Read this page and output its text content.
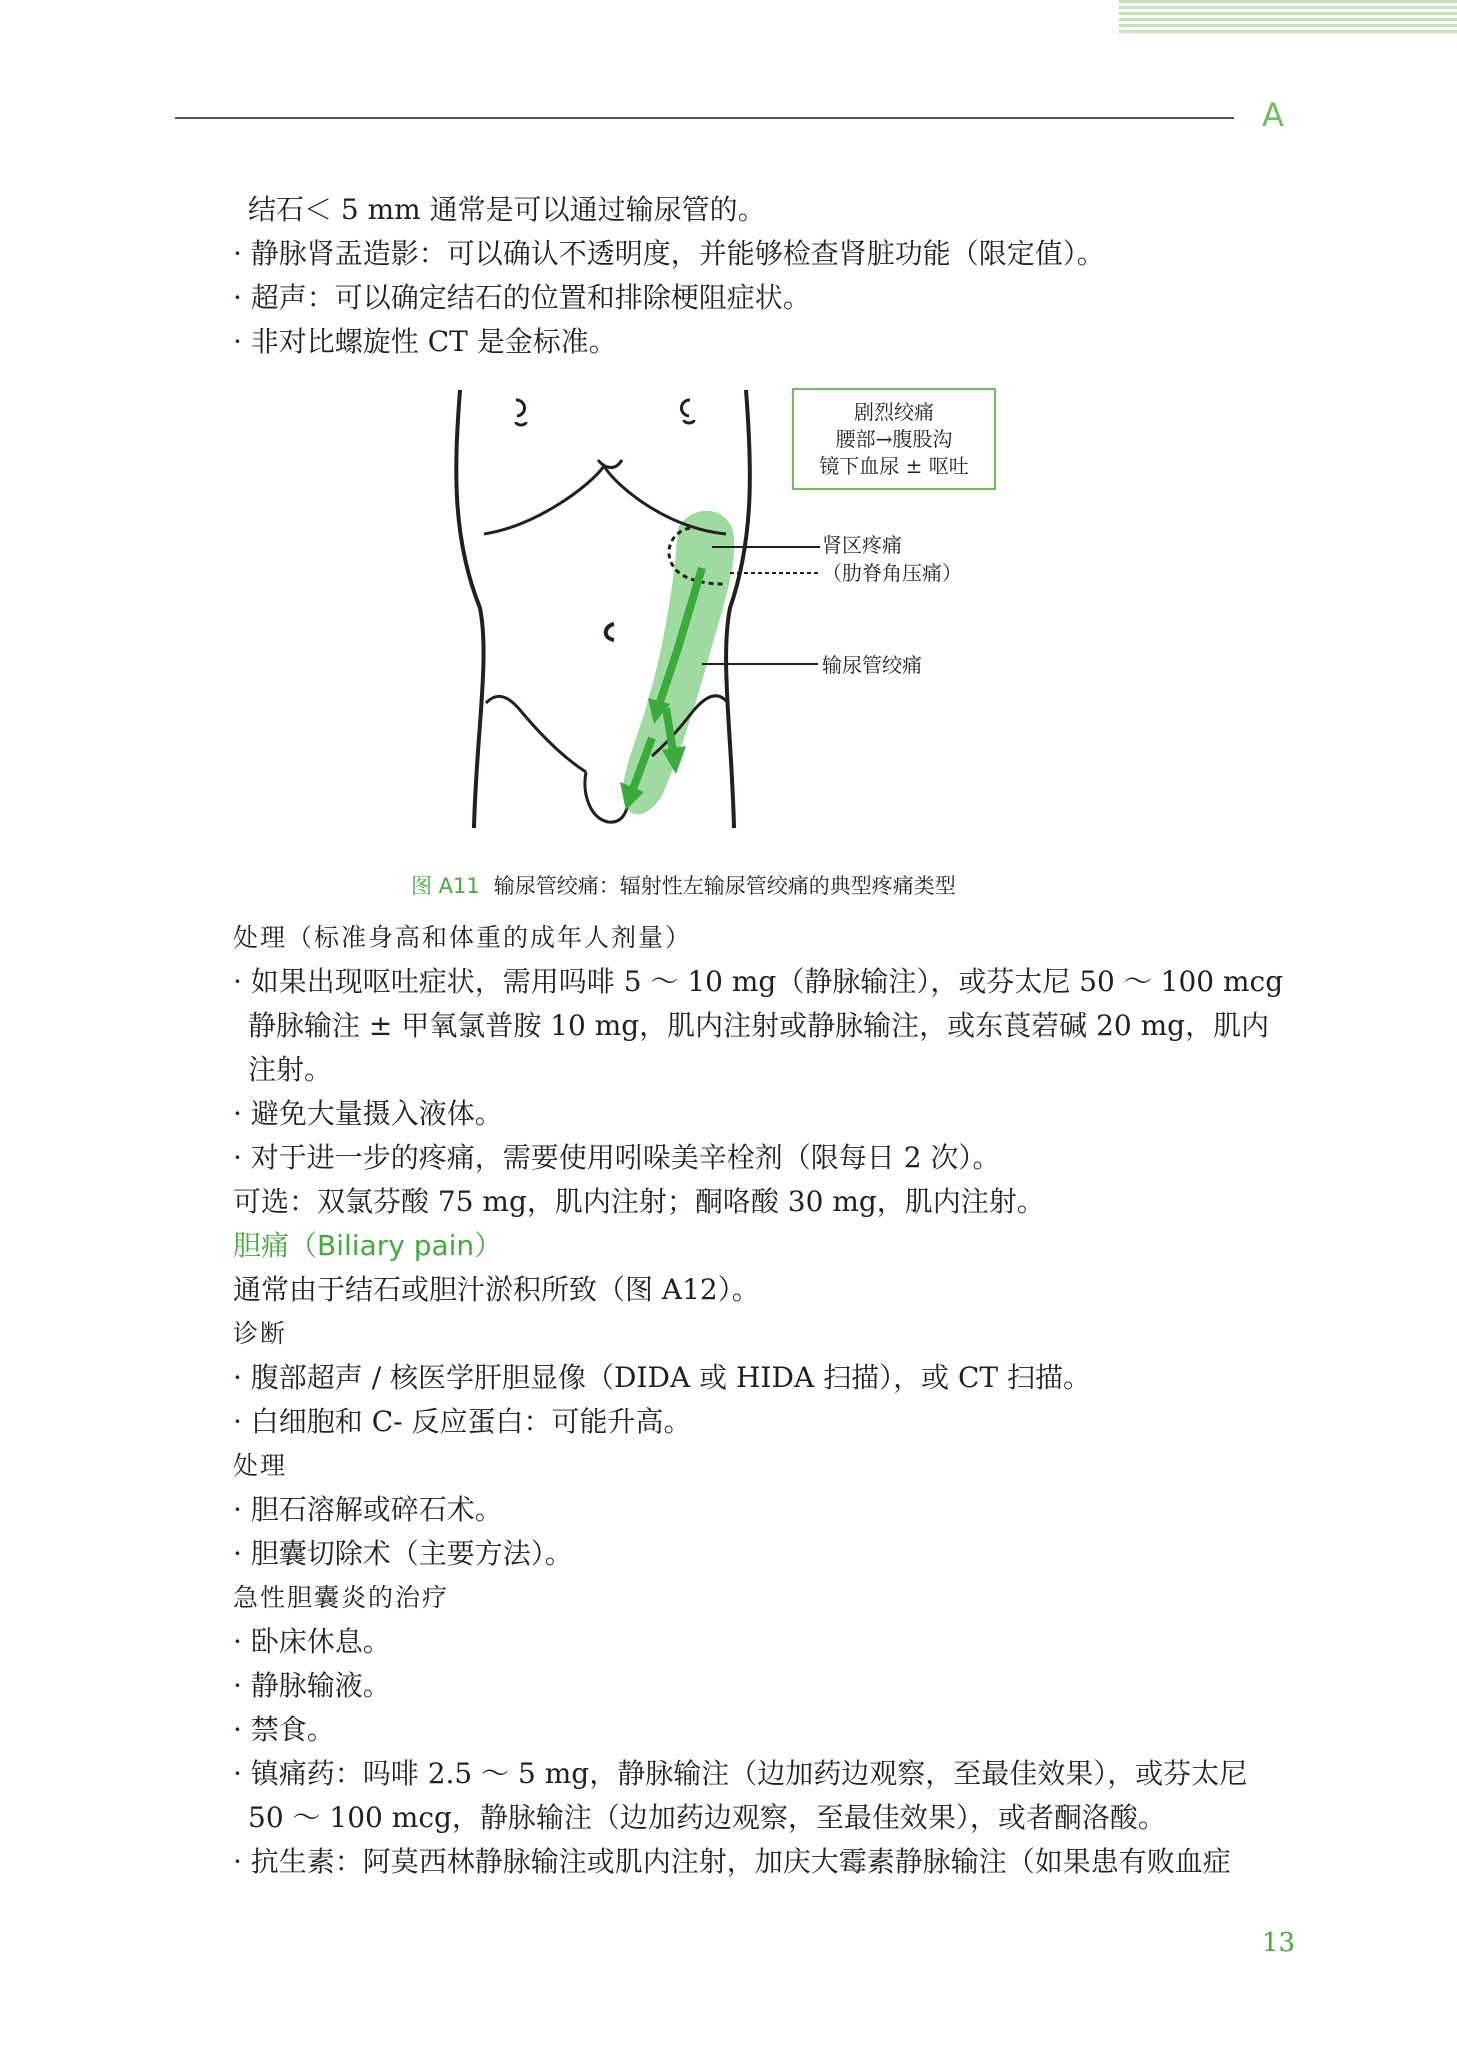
A
结石＜ 5 mm 通常是可以通过输尿管的。
· 静脉肾盂造影：可以确认不透明度，并能够检查肾脏功能（限定值）。
· 超声：可以确定结石的位置和排除梗阻症状。
· 非对比螺旋性 CT 是金标准。
剧烈绞痛
腰部→腹股沟
镜下血尿 ± 呕吐
肾区疼痛
（肋脊角压痛）
输尿管绞痛
图 A11 输尿管绞痛：辐射性左输尿管绞痛的典型疼痛类型
处理（标准身高和体重的成年人剂量）
· 如果出现呕吐症状，需用吗啡 5 ～ 10 mg（静脉输注），或芬太尼 50 ～ 100 mcg
静脉输注 ± 甲氧氯普胺 10 mg，肌内注射或静脉输注，或东莨菪碱 20 mg，肌内
注射。
· 避免大量摄入液体。
· 对于进一步的疼痛，需要使用吲哚美辛栓剂（限每日 2 次）。
可选：双氯芬酸 75 mg，肌内注射；酮咯酸 30 mg，肌内注射。
胆痛（Biliary pain）
通常由于结石或胆汁淤积所致（图 A12）。
诊断
· 腹部超声 / 核医学肝胆显像（DIDA 或 HIDA 扫描），或 CT 扫描。
· 白细胞和 C- 反应蛋白：可能升高。
处理
· 胆石溶解或碎石术。
· 胆囊切除术（主要方法）。
急性胆囊炎的治疗
· 卧床休息。
· 静脉输液。
· 禁食。
· 镇痛药：吗啡 2.5 ～ 5 mg，静脉输注（边加药边观察，至最佳效果），或芬太尼
50 ～ 100 mcg，静脉输注（边加药边观察，至最佳效果），或者酮洛酸。
· 抗生素：阿莫西林静脉输注或肌内注射，加庆大霉素静脉输注（如果患有败血症
13
